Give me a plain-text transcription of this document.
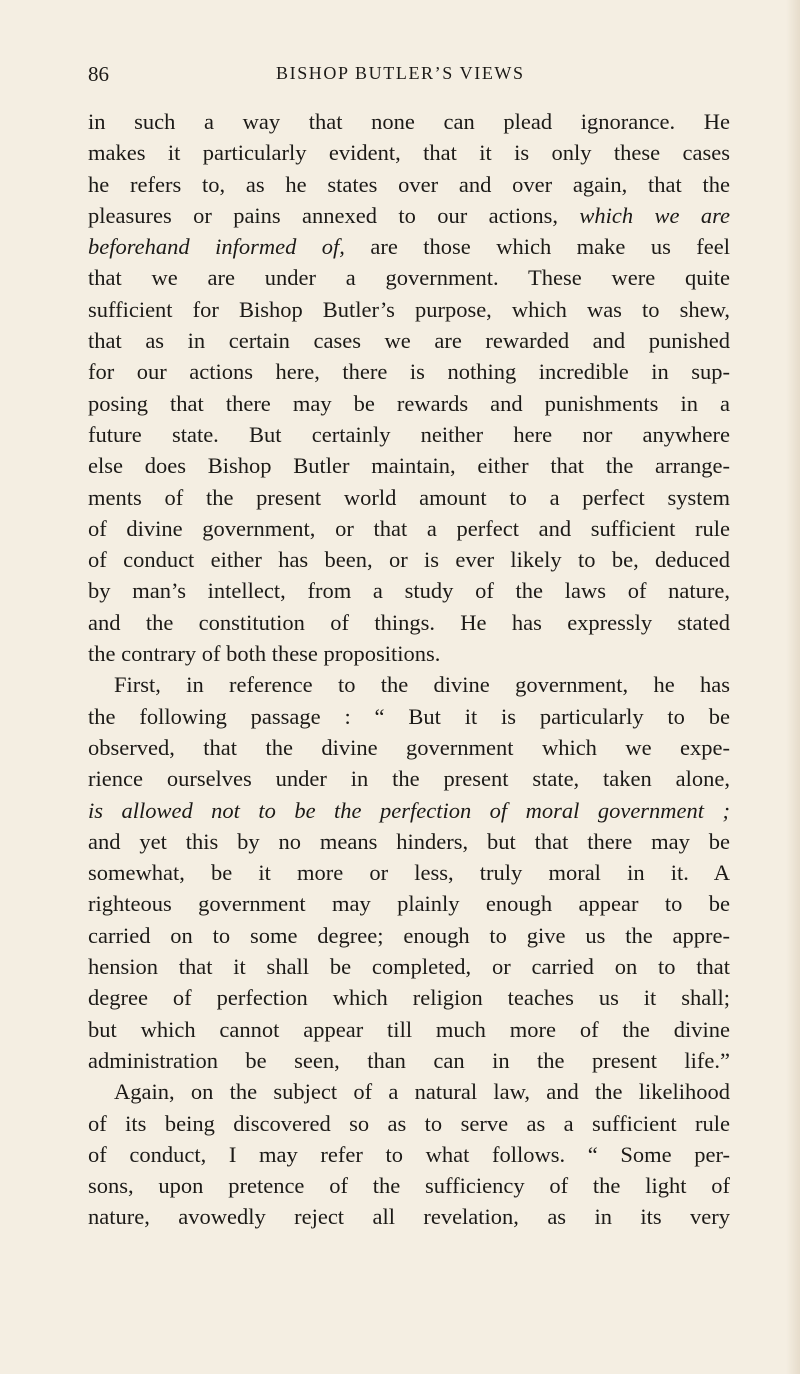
86	BISHOP BUTLER’S VIEWS
in such a way that none can plead ignorance. He
makes it particularly evident, that it is only these cases
he refers to, as he states over and over again, that the
pleasures or pains annexed to our actions, which we are
beforehand informed of, are those which make us feel
that we are under a government. These were quite
sufficient for Bishop Butler’s purpose, which was to shew,
that as in certain cases we are rewarded and punished
for our actions here, there is nothing incredible in sup-
posing that there may be rewards and punishments in a
future state. But certainly neither here nor anywhere
else does Bishop Butler maintain, either that the arrange-
ments of the present world amount to a perfect system
of divine government, or that a perfect and sufficient rule
of conduct either has been, or is ever likely to be, deduced
by man’s intellect, from a study of the laws of nature,
and the constitution of things. He has expressly stated
the contrary of both these propositions.
First, in reference to the divine government, he has
the following passage : “ But it is particularly to be
observed, that the divine government which we expe-
rience ourselves under in the present state, taken alone,
is allowed not to be the perfection of moral government ;
and yet this by no means hinders, but that there may be
somewhat, be it more or less, truly moral in it. A
righteous government may plainly enough appear to be
carried on to some degree; enough to give us the appre-
hension that it shall be completed, or carried on to that
degree of perfection which religion teaches us it shall;
but which cannot appear till much more of the divine
administration be seen, than can in the present life.”
Again, on the subject of a natural law, and the likelihood
of its being discovered so as to serve as a sufficient rule
of conduct, I may refer to what follows. “ Some per-
sons, upon pretence of the sufficiency of the light of
nature, avowedly reject all revelation, as in its very
